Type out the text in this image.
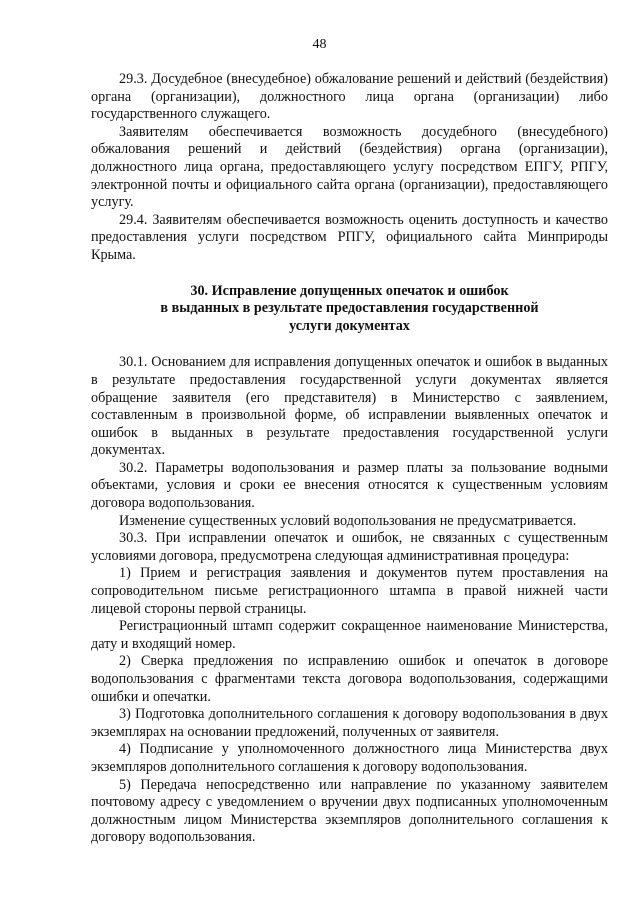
48

29.3. Досудебное (внесудебное) обжалование решений и действий (бездействия) органа (организации), должностного лица органа (организации) либо государственного служащего.

Заявителям обеспечивается возможность досудебного (внесудебного) обжалования решений и действий (бездействия) органа (организации), должностного лица органа, предоставляющего услугу посредством ЕПГУ, РПГУ, электронной почты и официального сайта органа (организации), предоставляющего услугу.

29.4. Заявителям обеспечивается возможность оценить доступность и качество предоставления услуги посредством РПГУ, официального сайта Минприроды Крыма.

30. Исправление допущенных опечаток и ошибок
в выданных в результате предоставления государственной
услуги документах

30.1. Основанием для исправления допущенных опечаток и ошибок в выданных в результате предоставления государственной услуги документах является обращение заявителя (его представителя) в Министерство с заявлением, составленным в произвольной форме, об исправлении выявленных опечаток и ошибок в выданных в результате предоставления государственной услуги документах.

30.2. Параметры водопользования и размер платы за пользование водными объектами, условия и сроки ее внесения относятся к существенным условиям договора водопользования.

Изменение существенных условий водопользования не предусматривается.

30.3. При исправлении опечаток и ошибок, не связанных с существенным условиями договора, предусмотрена следующая административная процедура:

1) Прием и регистрация заявления и документов путем проставления на сопроводительном письме регистрационного штампа в правой нижней части лицевой стороны первой страницы.

Регистрационный штамп содержит сокращенное наименование Министерства, дату и входящий номер.

2) Сверка предложения по исправлению ошибок и опечаток в договоре водопользования с фрагментами текста договора водопользования, содержащими ошибки и опечатки.

3) Подготовка дополнительного соглашения к договору водопользования в двух экземплярах на основании предложений, полученных от заявителя.

4) Подписание у уполномоченного должностного лица Министерства двух экземпляров дополнительного соглашения к договору водопользования.

5) Передача непосредственно или направление по указанному заявителем почтовому адресу с уведомлением о вручении двух подписанных уполномоченным должностным лицом Министерства экземпляров дополнительного соглашения к договору водопользования.
